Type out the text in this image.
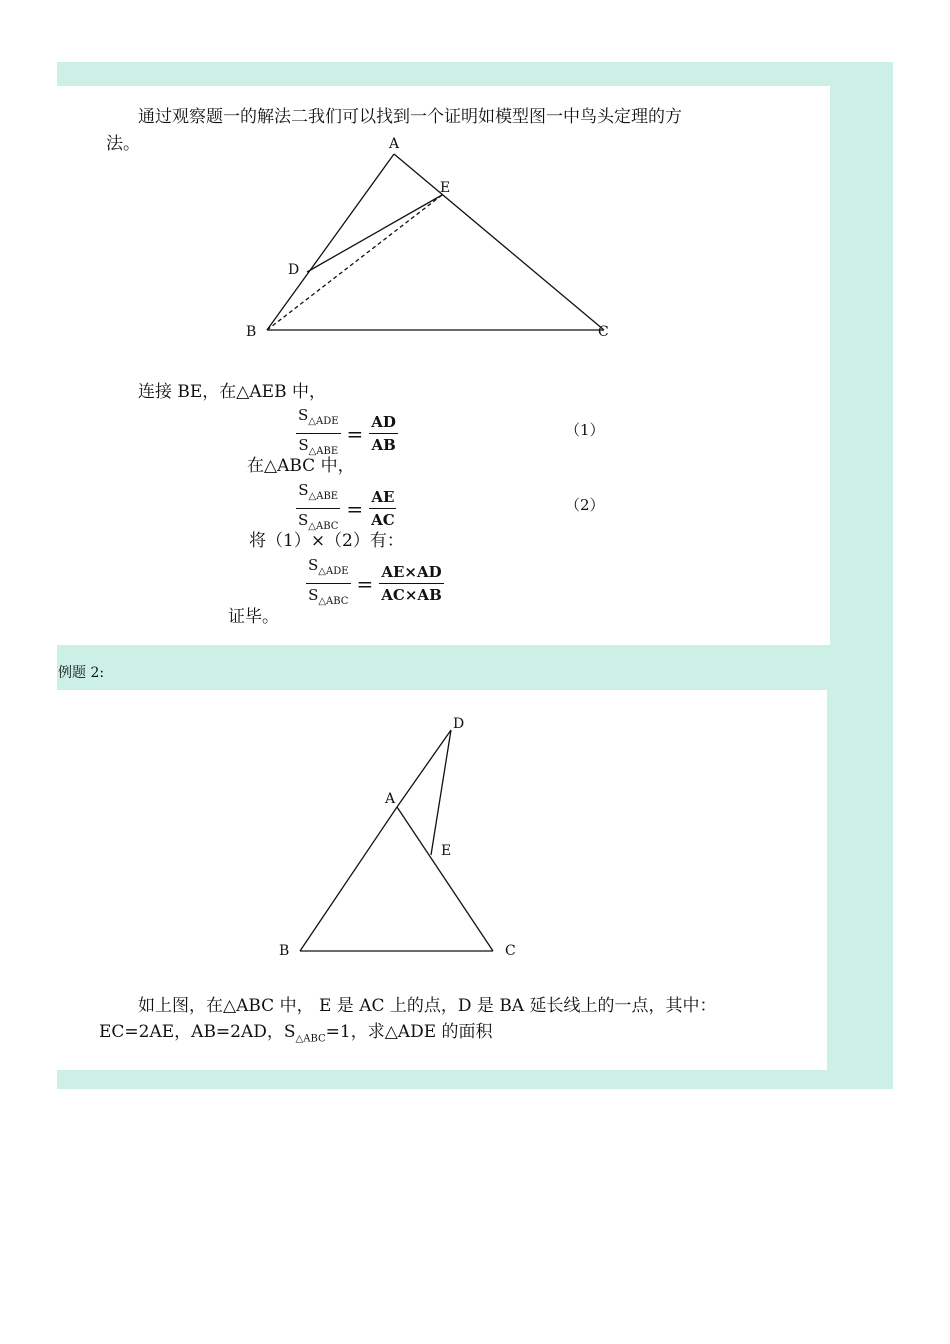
通过观察题一的解法二我们可以找到一个证明如模型图一中鸟头定理的方
法。	A
B	C
D
E
连接 BE，在△AEB 中，
$\frac{S_{\triangle ADE}}{S_{\triangle ABE}} = \frac{AD}{AB}$	（1）
在△ABC 中，
$\frac{S_{\triangle ABE}}{S_{\triangle ABC}} = \frac{AE}{AC}$	（2）
将（1）×（2）有：
$\frac{S_{\triangle ADE}}{S_{\triangle ABC}} = \frac{AE\times AD}{AC\times AB}$
证毕。
例题 2:
D
A
E
B	C
如上图，在△ABC 中， E 是 AC 上的点，D 是 BA 延长线上的一点，其中：
EC=2AE，AB=2AD，$S_{\triangle ABC}=1$，求△ADE 的面积
